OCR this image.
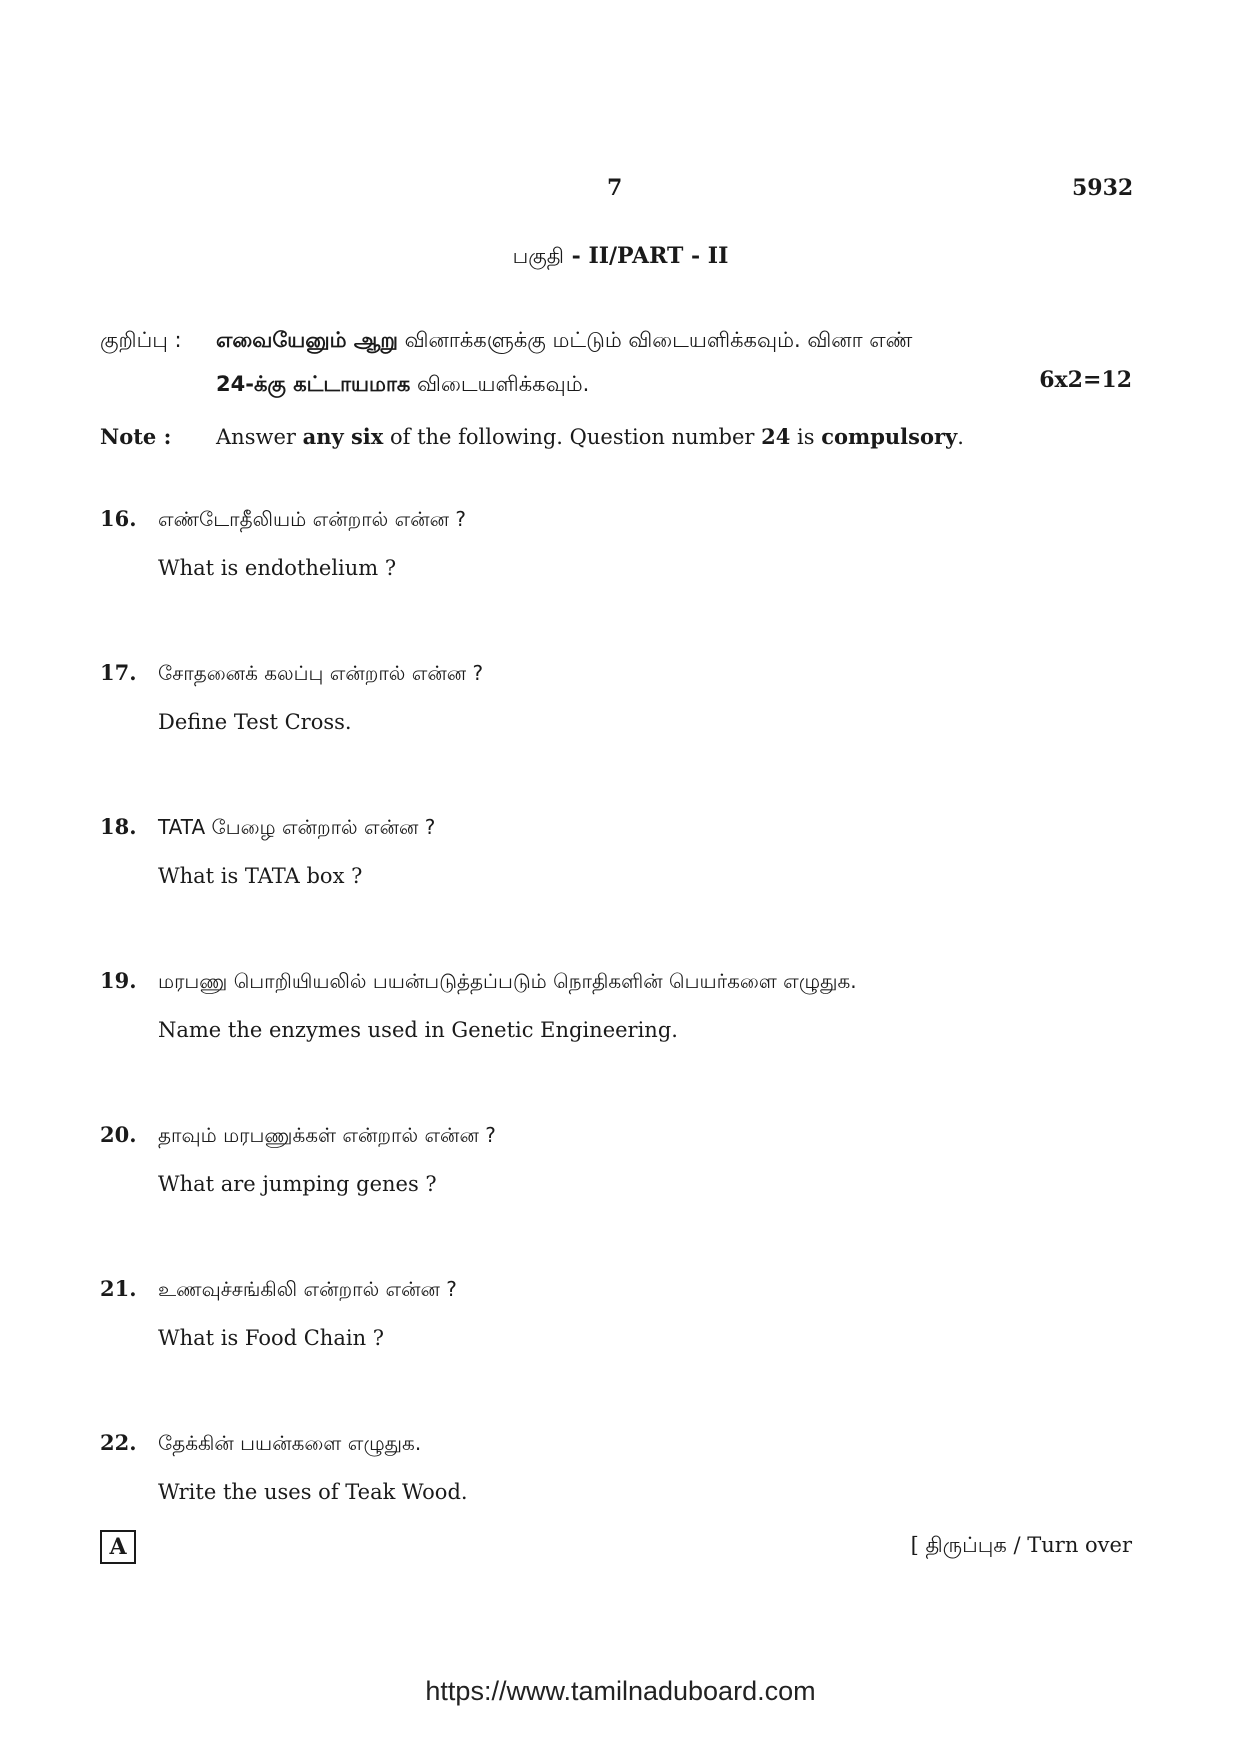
7	5932
பகுதி - II/PART - II
குறிப்பு : எவையேனும் ஆறு வினாக்களுக்கு மட்டும் விடையளிக்கவும். வினா எண்
24-க்கு கட்டாயமாக விடையளிக்கவும்.	6x2=12
Note : Answer any six of the following. Question number 24 is compulsory.
16. எண்டோதீலியம் என்றால் என்ன ?
What is endothelium ?
17. சோதனைக் கலப்பு என்றால் என்ன ?
Define Test Cross.
18. TATA பேழை என்றால் என்ன ?
What is TATA box ?
19. மரபணு பொறியியலில் பயன்படுத்தப்படும் நொதிகளின் பெயர்களை எழுதுக.
Name the enzymes used in Genetic Engineering.
20. தாவும் மரபணுக்கள் என்றால் என்ன ?
What are jumping genes ?
21. உணவுச்சங்கிலி என்றால் என்ன ?
What is Food Chain ?
22. தேக்கின் பயன்களை எழுதுக.
Write the uses of Teak Wood.
A	[ திருப்புக / Turn over
https://www.tamilnaduboard.com
